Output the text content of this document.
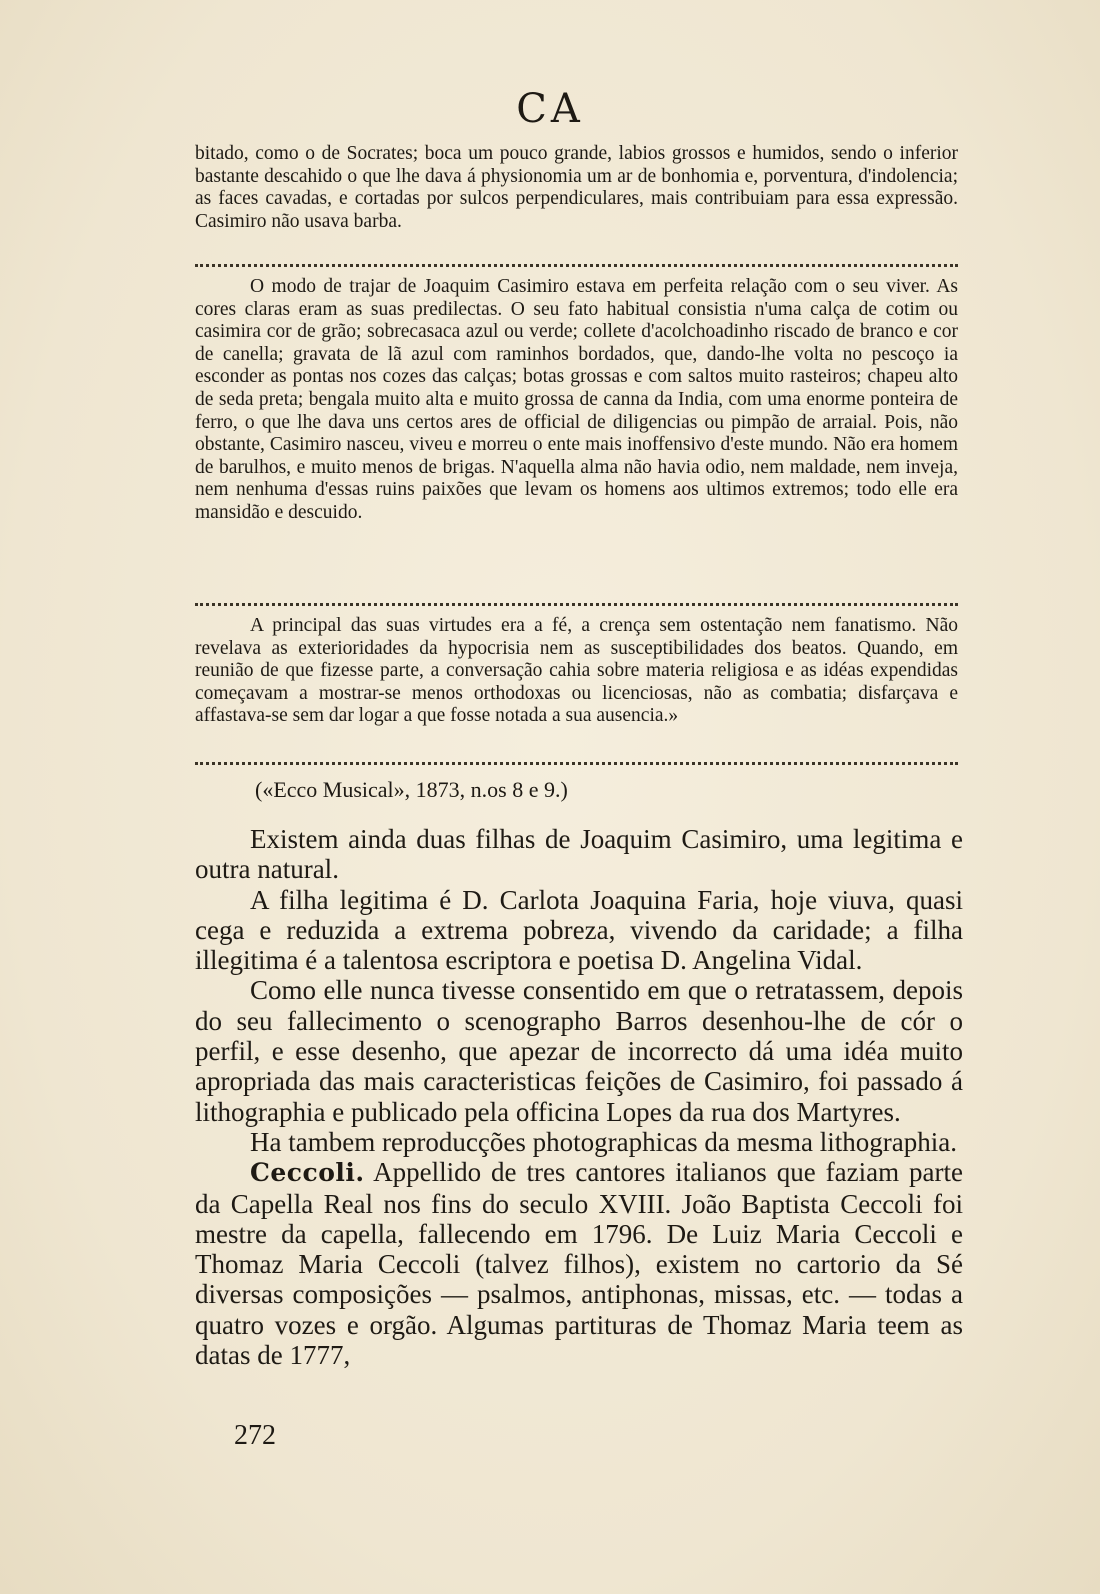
CA

bitado, como o de Socrates; boca um pouco grande, labios grossos e humidos, sendo o inferior bastante descahido o que lhe dava á physionomia um ar de bonhomia e, porventura, d'indolencia; as faces cavadas, e cortadas por sulcos perpendiculares, mais contribuiam para essa expressão. Casimiro não usava barba.

O modo de trajar de Joaquim Casimiro estava em perfeita relação com o seu viver. As cores claras eram as suas predilectas. O seu fato habitual consistia n'uma calça de cotim ou casimira cor de grão; sobrecasaca azul ou verde; collete d'acolchoadinho riscado de branco e cor de canella; gravata de lã azul com raminhos bordados, que, dando-lhe volta no pescoço ia esconder as pontas nos cozes das calças; botas grossas e com saltos muito rasteiros; chapeu alto de seda preta; bengala muito alta e muito grossa de canna da India, com uma enorme ponteira de ferro, o que lhe dava uns certos ares de official de diligencias ou pimpão de arraial. Pois, não obstante, Casimiro nasceu, viveu e morreu o ente mais inoffensivo d'este mundo. Não era homem de barulhos, e muito menos de brigas. N'aquella alma não havia odio, nem maldade, nem inveja, nem nenhuma d'essas ruins paixões que levam os homens aos ultimos extremos; todo elle era mansidão e descuido.

A principal das suas virtudes era a fé, a crença sem ostentação nem fanatismo. Não revelava as exterioridades da hypocrisia nem as susceptibilidades dos beatos. Quando, em reunião de que fizesse parte, a conversação cahia sobre materia religiosa e as idéas expendidas começavam a mostrar-se menos orthodoxas ou licenciosas, não as combatia; disfarçava e affastava-se sem dar logar a que fosse notada a sua ausencia.»

(«Ecco Musical», 1873, n.os 8 e 9.)

Existem ainda duas filhas de Joaquim Casimiro, uma legitima e outra natural.

A filha legitima é D. Carlota Joaquina Faria, hoje viuva, quasi cega e reduzida a extrema pobreza, vivendo da caridade; a filha illegitima é a talentosa escriptora e poetisa D. Angelina Vidal.

Como elle nunca tivesse consentido em que o retratassem, depois do seu fallecimento o scenographo Barros desenhou-lhe de cór o perfil, e esse desenho, que apezar de incorrecto dá uma idéa muito apropriada das mais caracteristicas feições de Casimiro, foi passado á lithographia e publicado pela officina Lopes da rua dos Martyres.

Ha tambem reproducções photographicas da mesma lithographia.

Ceccoli. Appellido de tres cantores italianos que faziam parte da Capella Real nos fins do seculo XVIII. João Baptista Ceccoli foi mestre da capella, fallecendo em 1796. De Luiz Maria Ceccoli e Thomaz Maria Ceccoli (talvez filhos), existem no cartorio da Sé diversas composições — psalmos, antiphonas, missas, etc. — todas a quatro vozes e orgão. Algumas partituras de Thomaz Maria teem as datas de 1777,

272
